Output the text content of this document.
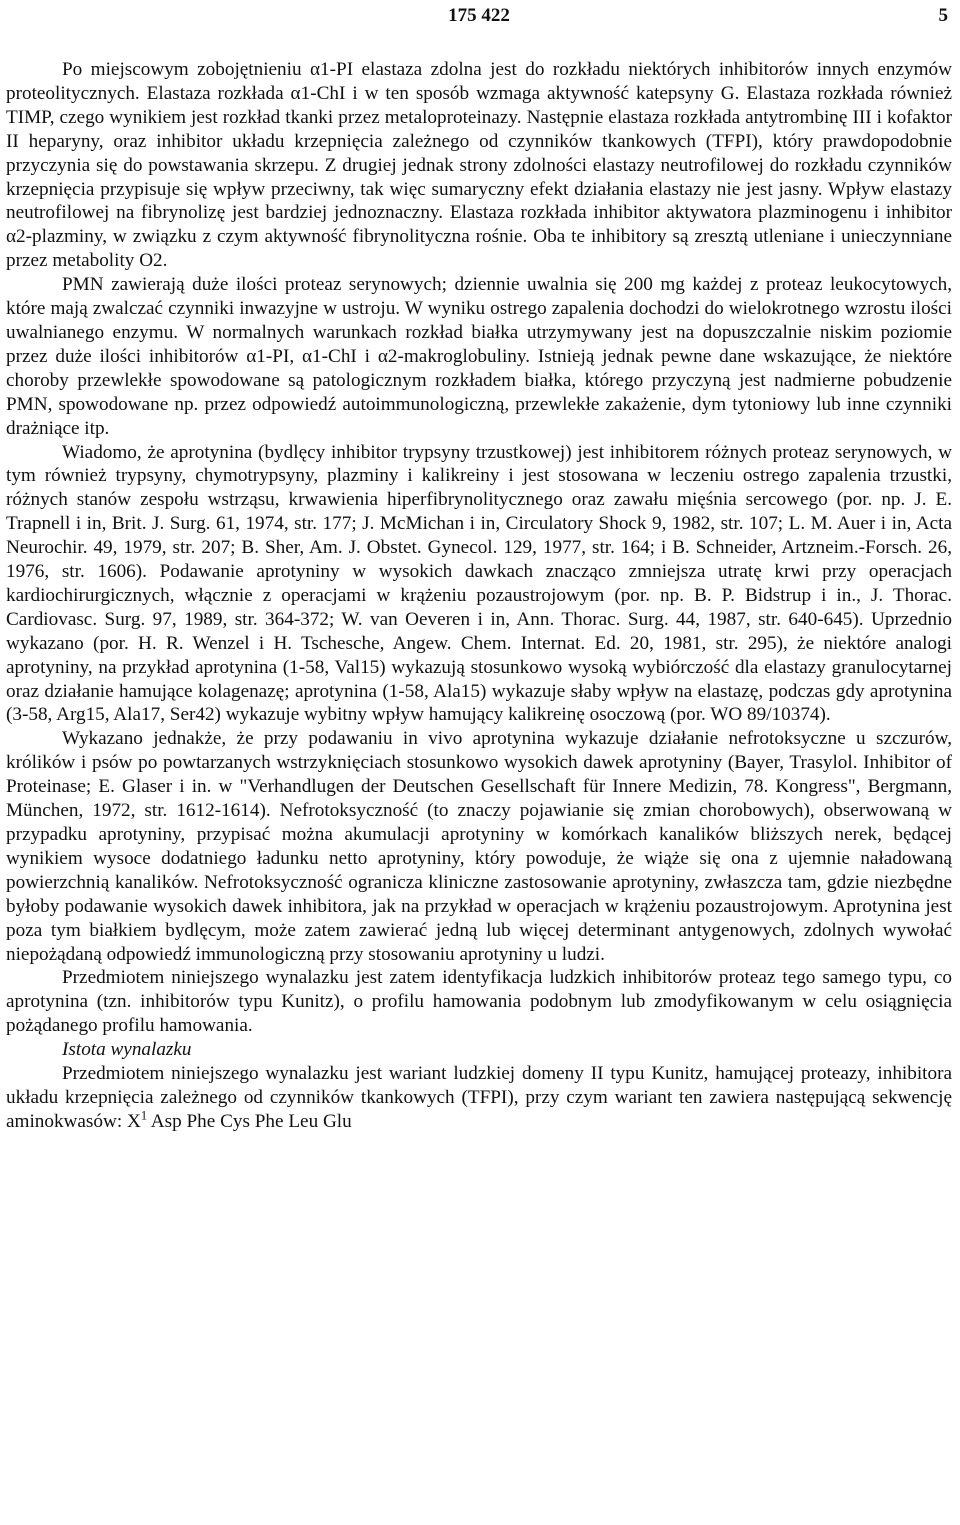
175 422	5

Po miejscowym zobojętnieniu α1-PI elastaza zdolna jest do rozkładu niektórych inhibitorów innych enzymów proteolitycznych. Elastaza rozkłada α1-ChI i w ten sposób wzmaga aktywność katepsyny G. Elastaza rozkłada również TIMP, czego wynikiem jest rozkład tkanki przez metaloproteinazy. Następnie elastaza rozkłada antytrombinę III i kofaktor II heparyny, oraz inhibitor układu krzepnięcia zależnego od czynników tkankowych (TFPI), który prawdopodobnie przyczynia się do powstawania skrzepu. Z drugiej jednak strony zdolności elastazy neutrofilowej do rozkładu czynników krzepnięcia przypisuje się wpływ przeciwny, tak więc sumaryczny efekt działania elastazy nie jest jasny. Wpływ elastazy neutrofilowej na fibrynolizę jest bardziej jednoznaczny. Elastaza rozkłada inhibitor aktywatora plazminogenu i inhibitor α2-plazminy, w związku z czym aktywność fibrynolityczna rośnie. Oba te inhibitory są zresztą utleniane i unieczynniane przez metabolity O2.

PMN zawierają duże ilości proteaz serynowych; dziennie uwalnia się 200 mg każdej z proteaz leukocytowych, które mają zwalczać czynniki inwazyjne w ustroju. W wyniku ostrego zapalenia dochodzi do wielokrotnego wzrostu ilości uwalnianego enzymu. W normalnych warunkach rozkład białka utrzymywany jest na dopuszczalnie niskim poziomie przez duże ilości inhibitorów α1-PI, α1-ChI i α2-makroglobuliny. Istnieją jednak pewne dane wskazujące, że niektóre choroby przewlekłe spowodowane są patologicznym rozkładem białka, którego przyczyną jest nadmierne pobudzenie PMN, spowodowane np. przez odpowiedź autoimmunologiczną, przewlekłe zakażenie, dym tytoniowy lub inne czynniki drażniące itp.

Wiadomo, że aprotynina (bydlęcy inhibitor trypsyny trzustkowej) jest inhibitorem różnych proteaz serynowych, w tym również trypsyny, chymotrypsyny, plazminy i kalikreiny i jest stosowana w leczeniu ostrego zapalenia trzustki, różnych stanów zespołu wstrząsu, krwawienia hiperfibrynolitycznego oraz zawału mięśnia sercowego (por. np. J. E. Trapnell i in, Brit. J. Surg. 61, 1974, str. 177; J. McMichan i in, Circulatory Shock 9, 1982, str. 107; L. M. Auer i in, Acta Neurochir. 49, 1979, str. 207; B. Sher, Am. J. Obstet. Gynecol. 129, 1977, str. 164; i B. Schneider, Artzneim.-Forsch. 26, 1976, str. 1606). Podawanie aprotyniny w wysokich dawkach znacząco zmniejsza utratę krwi przy operacjach kardiochirurgicznych, włącznie z operacjami w krążeniu pozaustrojowym (por. np. B. P. Bidstrup i in., J. Thorac. Cardiovasc. Surg. 97, 1989, str. 364-372; W. van Oeveren i in, Ann. Thorac. Surg. 44, 1987, str. 640-645). Uprzednio wykazano (por. H. R. Wenzel i H. Tschesche, Angew. Chem. Internat. Ed. 20, 1981, str. 295), że niektóre analogi aprotyniny, na przykład aprotynina (1-58, Val15) wykazują stosunkowo wysoką wybiórczość dla elastazy granulocytarnej oraz działanie hamujące kolagenazę; aprotynina (1-58, Ala15) wykazuje słaby wpływ na elastazę, podczas gdy aprotynina (3-58, Arg15, Ala17, Ser42) wykazuje wybitny wpływ hamujący kalikreinę osoczową (por. WO 89/10374).

Wykazano jednakże, że przy podawaniu in vivo aprotynina wykazuje działanie nefrotoksyczne u szczurów, królików i psów po powtarzanych wstrzyknięciach stosunkowo wysokich dawek aprotyniny (Bayer, Trasylol. Inhibitor of Proteinase; E. Glaser i in. w "Verhandlugen der Deutschen Gesellschaft für Innere Medizin, 78. Kongress", Bergmann, München, 1972, str. 1612-1614). Nefrotoksyczność (to znaczy pojawianie się zmian chorobowych), obserwowaną w przypadku aprotyniny, przypisać można akumulacji aprotyniny w komórkach kanalików bliższych nerek, będącej wynikiem wysoce dodatniego ładunku netto aprotyniny, który powoduje, że wiąże się ona z ujemnie naładowaną powierzchnią kanalików. Nefrotoksyczność ogranicza kliniczne zastosowanie aprotyniny, zwłaszcza tam, gdzie niezbędne byłoby podawanie wysokich dawek inhibitora, jak na przykład w operacjach w krążeniu pozaustrojowym. Aprotynina jest poza tym białkiem bydlęcym, może zatem zawierać jedną lub więcej determinant antygenowych, zdolnych wywołać niepożądaną odpowiedź immunologiczną przy stosowaniu aprotyniny u ludzi.

Przedmiotem niniejszego wynalazku jest zatem identyfikacja ludzkich inhibitorów proteaz tego samego typu, co aprotynina (tzn. inhibitorów typu Kunitz), o profilu hamowania podobnym lub zmodyfikowanym w celu osiągnięcia pożądanego profilu hamowania.

Istota wynalazku

Przedmiotem niniejszego wynalazku jest wariant ludzkiej domeny II typu Kunitz, hamującej proteazy, inhibitora układu krzepnięcia zależnego od czynników tkankowych (TFPI), przy czym wariant ten zawiera następującą sekwencję aminokwasów: $X^1$ Asp Phe Cys Phe Leu Glu
